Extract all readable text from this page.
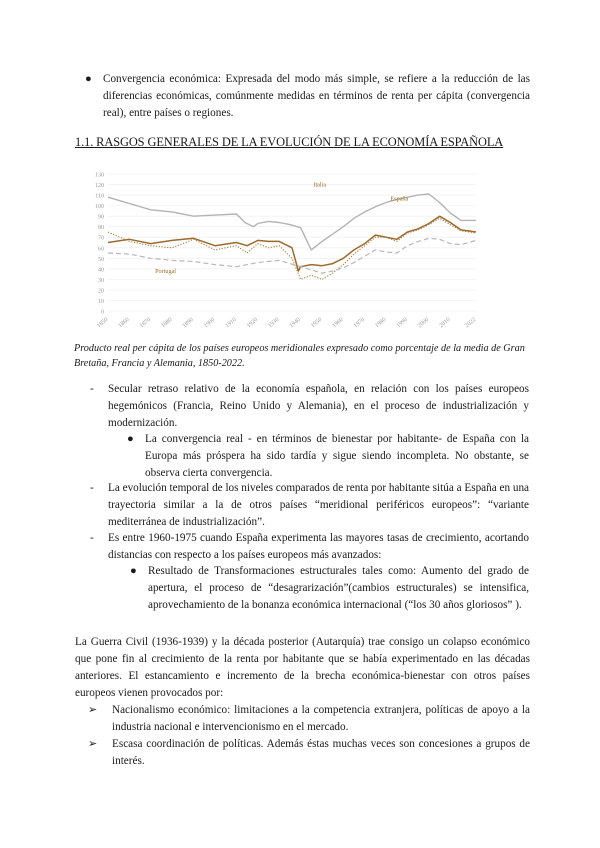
● Convergencia económica: Expresada del modo más simple, se refiere a la reducción de las diferencias económicas, comúnmente medidas en términos de renta per cápita (convergencia real), entre países o regiones.
1.1. RASGOS GENERALES DE LA EVOLUCIÓN DE LA ECONOMÍA ESPAÑOLA
0
10
20
30
40
50
60
70
80
90
100
110
120
130
1850 1860 1870 1880 1890 1900 1910 1920 1930 1940 1950 1960 1970 1980 1990 2000 2010 2022
Italia
España
Portugal
Producto real per cápita de los países europeos meridionales expresado como porcentaje de la media de Gran Bretaña, Francia y Alemania, 1850-2022.
- Secular retraso relativo de la economía española, en relación con los países europeos hegemónicos (Francia, Reino Unido y Alemania), en el proceso de industrialización y modernización.
● La convergencia real - en términos de bienestar por habitante- de España con la Europa más próspera ha sido tardía y sigue siendo incompleta. No obstante, se observa cierta convergencia.
- La evolución temporal de los niveles comparados de renta por habitante sitúa a España en una trayectoria similar a la de otros países “meridional periféricos europeos”: “variante mediterránea de industrialización”.
- Es entre 1960-1975 cuando España experimenta las mayores tasas de crecimiento, acortando distancias con respecto a los países europeos más avanzados:
● Resultado de Transformaciones estructurales tales como: Aumento del grado de apertura, el proceso de “desagrarización”(cambios estructurales) se intensifica, aprovechamiento de la bonanza económica internacional (“los 30 años gloriosos” ).
La Guerra Civil (1936-1939) y la década posterior (Autarquía) trae consigo un colapso económico que pone fin al crecimiento de la renta por habitante que se había experimentado en las décadas anteriores. El estancamiento e incremento de la brecha económica-bienestar con otros países europeos vienen provocados por:
➢ Nacionalismo económico: limitaciones a la competencia extranjera, políticas de apoyo a la industria nacional e intervencionismo en el mercado.
➢ Escasa coordinación de políticas. Además éstas muchas veces son concesiones a grupos de interés.
